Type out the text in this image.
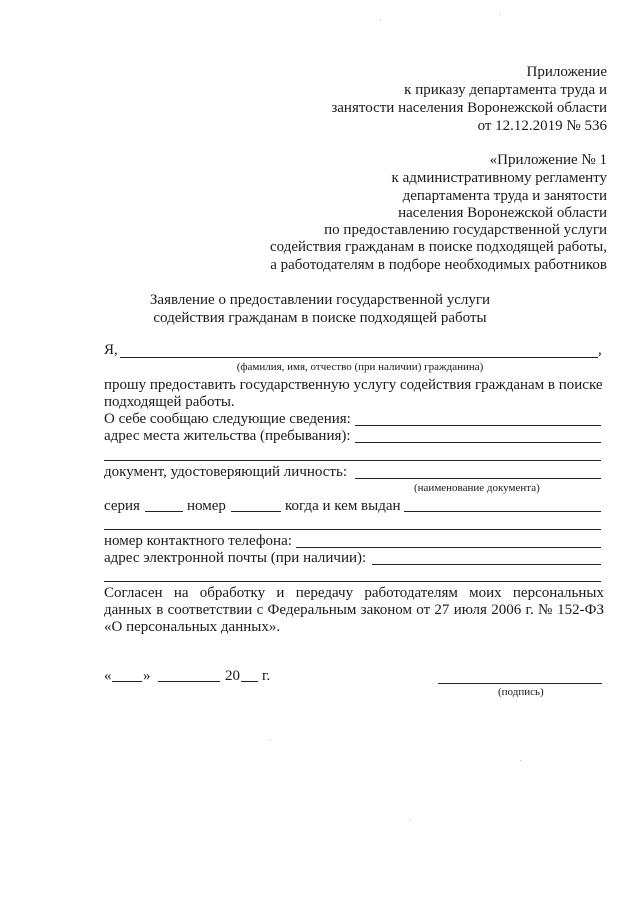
Приложение
к приказу департамента труда и
занятости населения Воронежской области
от 12.12.2019 № 536
«Приложение № 1
к административному регламенту
департамента труда и занятости
населения Воронежской области
по предоставлению государственной услуги
содействия гражданам в поиске подходящей работы,
а работодателям в подборе необходимых работников
Заявление о предоставлении государственной услуги
содействия гражданам в поиске подходящей работы
Я,	,
(фамилия, имя, отчество (при наличии) гражданина)
прошу предоставить государственную услугу содействия гражданам в поиске
подходящей работы.
О себе сообщаю следующие сведения:
адрес места жительства (пребывания):
документ, удостоверяющий личность:
(наименование документа)
серия	номер	когда и кем выдан
номер контактного телефона:
адрес электронной почты (при наличии):
Согласен на обработку и передачу работодателям моих персональных
данных в соответствии с Федеральным законом от 27 июля 2006 г. № 152-ФЗ
«О персональных данных».
« »	20 г.
(подпись)
